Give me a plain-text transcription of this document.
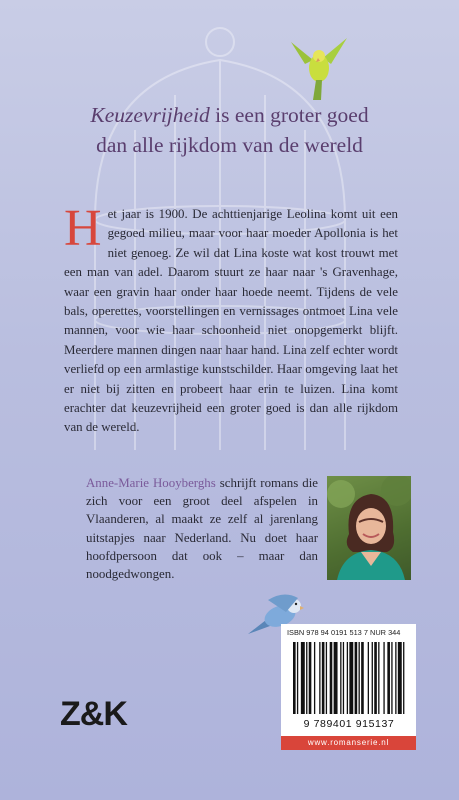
Keuzevrijheid is een groter goed
dan alle rijkdom van de wereld
Het jaar is 1900. De achttienjarige Leolina komt uit een gegoed milieu, maar voor haar moeder Apollonia is het niet genoeg. Ze wil dat Lina koste wat kost trouwt met een man van adel. Daarom stuurt ze haar naar 's Gravenhage, waar een gravin haar onder haar hoede neemt. Tijdens de vele bals, operettes, voorstellingen en vernissages ontmoet Lina vele mannen, voor wie haar schoonheid niet onopgemerkt blijft. Meerdere mannen dingen naar haar hand. Lina zelf echter wordt verliefd op een armlastige kunstschilder. Haar omgeving laat het er niet bij zitten en probeert haar erin te luizen. Lina komt erachter dat keuzevrijheid een groter goed is dan alle rijkdom van de wereld.
Anne-Marie Hooyberghs schrijft romans die zich voor een groot deel afspelen in Vlaanderen, al maakt ze zelf al jarenlang uitstapjes naar Nederland. Nu doet haar hoofdpersoon dat ook – maar dan noodgedwongen.
Z&K
ISBN 978 94 0191 513 7 NUR 344
9 789401 915137
www.romanserie.nl
